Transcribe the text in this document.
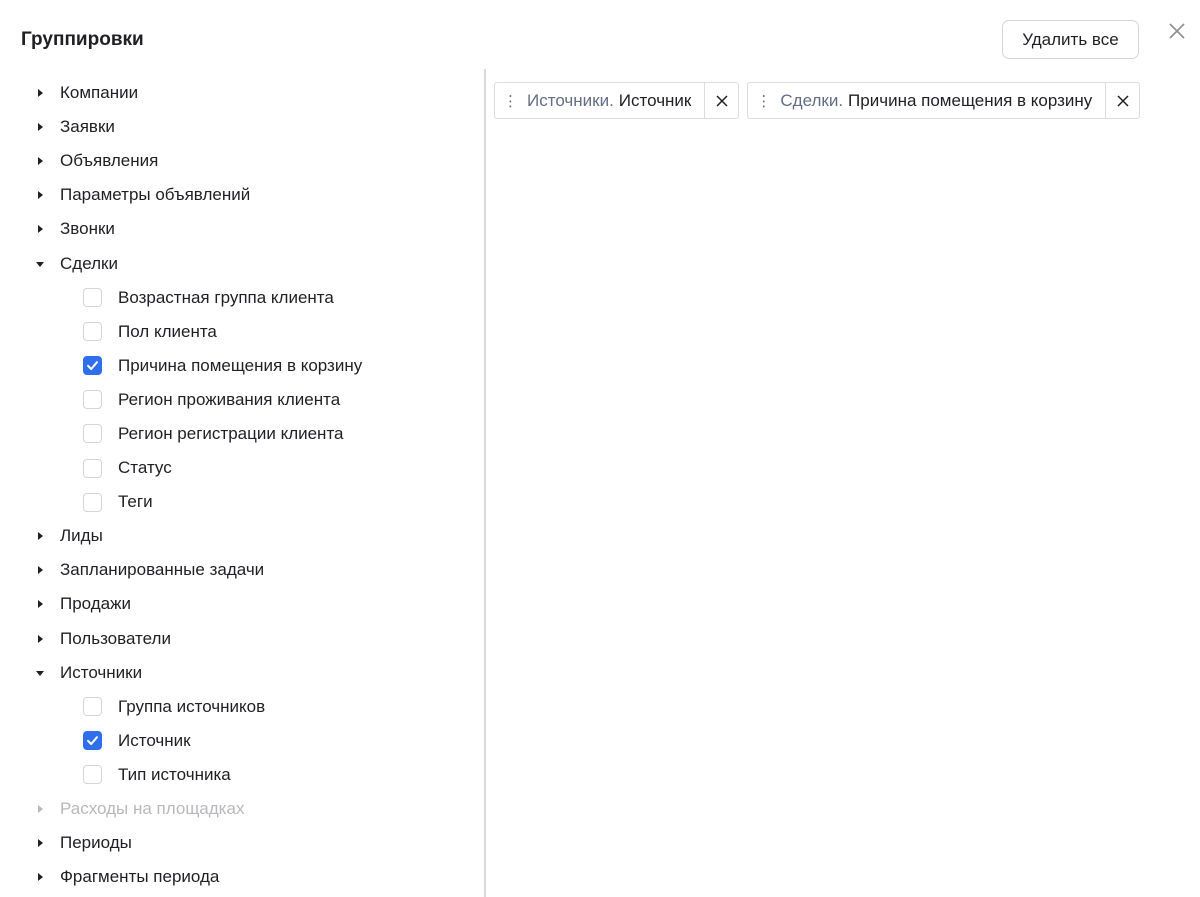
Группировки	Удалить все
Компании
Заявки
Объявления
Параметры объявлений
Звонки
Сделки
Возрастная группа клиента
Пол клиента
Причина помещения в корзину
Регион проживания клиента
Регион регистрации клиента
Статус
Теги
Лиды
Запланированные задачи
Продажи
Пользователи
Источники
Группа источников
Источник
Тип источника
Расходы на площадках
Периоды
Фрагменты периода
⋮ Источники. Источник	⋮ Сделки. Причина помещения в корзину
